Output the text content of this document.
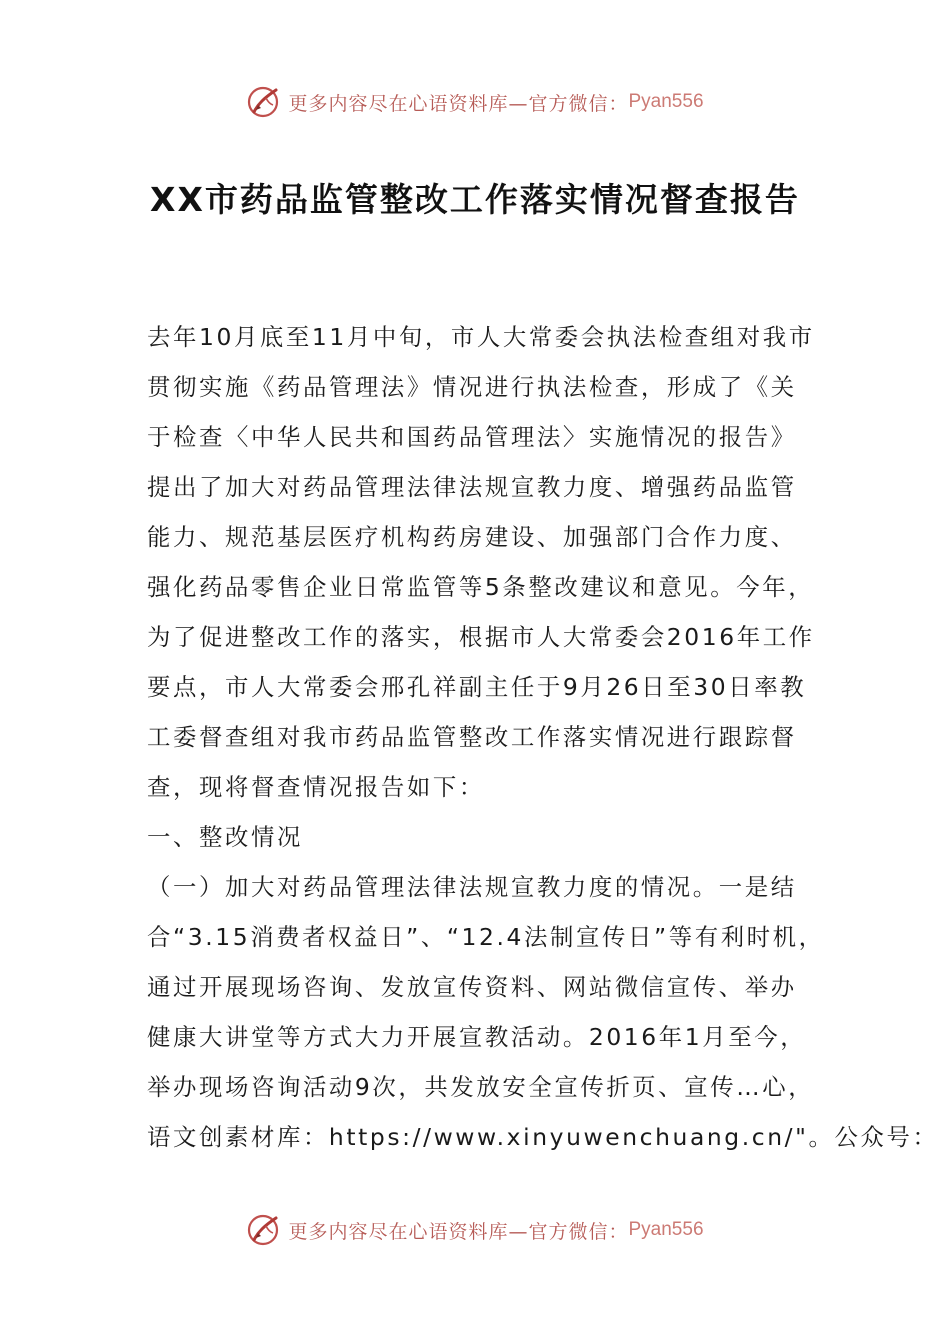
更多内容尽在心语资料库—官方微信： Pyan556
XX市药品监管整改工作落实情况督查报告
去年10月底至11月中旬，市人大常委会执法检查组对我市
贯彻实施《药品管理法》情况进行执法检查，形成了《关
于检查〈中华人民共和国药品管理法〉实施情况的报告》
提出了加大对药品管理法律法规宣教力度、增强药品监管
能力、规范基层医疗机构药房建设、加强部门合作力度、
强化药品零售企业日常监管等5条整改建议和意见。今年，
为了促进整改工作的落实，根据市人大常委会2016年工作
要点，市人大常委会邢孔祥副主任于9月26日至30日率教
工委督查组对我市药品监管整改工作落实情况进行跟踪督
查，现将督查情况报告如下：
一、整改情况
（一）加大对药品管理法律法规宣教力度的情况。一是结
合“3.15消费者权益日”、“12.4法制宣传日”等有利时机，
通过开展现场咨询、发放宣传资料、网站微信宣传、举办
健康大讲堂等方式大力开展宣教活动。2016年1月至今，
举办现场咨询活动9次，共发放安全宣传折页、宣传…心，
语文创素材库：https://www.xinyuwenchuang.cn/"。公众号：
更多内容尽在心语资料库—官方微信： Pyan556
